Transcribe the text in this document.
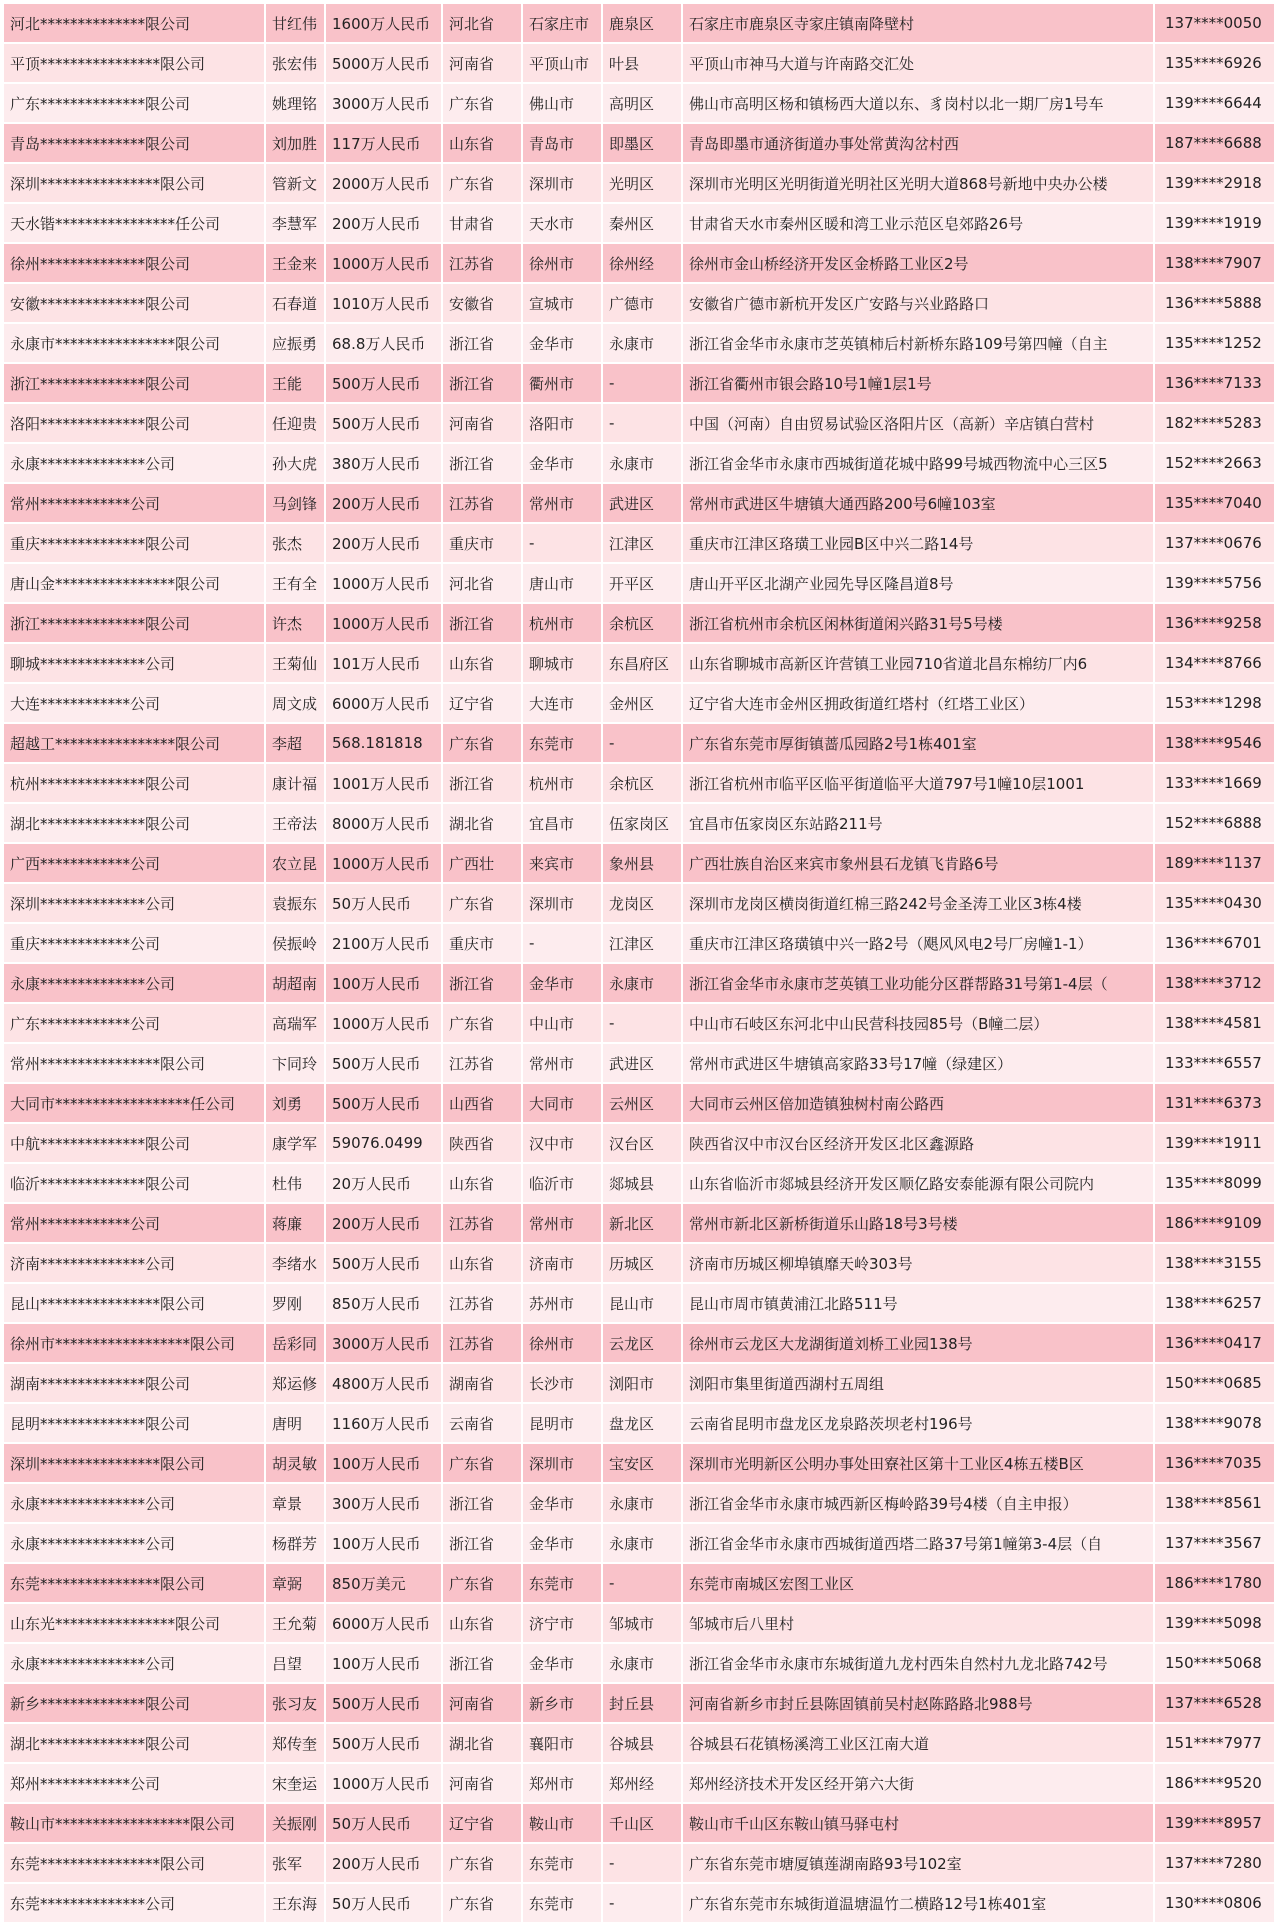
河北**************限公司	甘红伟	1600万人民币	河北省	石家庄市	鹿泉区	石家庄市鹿泉区寺家庄镇南降壁村	137****0050
平顶****************限公司	张宏伟	5000万人民币	河南省	平顶山市	叶县	平顶山市神马大道与许南路交汇处	135****6926
广东**************限公司	姚理铭	3000万人民币	广东省	佛山市	高明区	佛山市高明区杨和镇杨西大道以东、豸岗村以北一期厂房1号车	139****6644
青岛**************限公司	刘加胜	117万人民币	山东省	青岛市	即墨区	青岛即墨市通济街道办事处常黄沟岔村西	187****6688
深圳****************限公司	管新文	2000万人民币	广东省	深圳市	光明区	深圳市光明区光明街道光明社区光明大道868号新地中央办公楼	139****2918
天水锴****************任公司	李慧军	200万人民币	甘肃省	天水市	秦州区	甘肃省天水市秦州区暖和湾工业示范区皂郊路26号	139****1919
徐州**************限公司	王金来	1000万人民币	江苏省	徐州市	徐州经	徐州市金山桥经济开发区金桥路工业区2号	138****7907
安徽**************限公司	石春道	1010万人民币	安徽省	宣城市	广德市	安徽省广德市新杭开发区广安路与兴业路路口	136****5888
永康市****************限公司	应振勇	68.8万人民币	浙江省	金华市	永康市	浙江省金华市永康市芝英镇柿后村新桥东路109号第四幢（自主	135****1252
浙江**************限公司	王能	500万人民币	浙江省	衢州市	-	浙江省衢州市银会路10号1幢1层1号	136****7133
洛阳**************限公司	任迎贵	500万人民币	河南省	洛阳市	-	中国（河南）自由贸易试验区洛阳片区（高新）辛店镇白营村	182****5283
永康**************公司	孙大虎	380万人民币	浙江省	金华市	永康市	浙江省金华市永康市西城街道花城中路99号城西物流中心三区5	152****2663
常州************公司	马剑锋	200万人民币	江苏省	常州市	武进区	常州市武进区牛塘镇大通西路200号6幢103室	135****7040
重庆**************限公司	张杰	200万人民币	重庆市	-	江津区	重庆市江津区珞璜工业园B区中兴二路14号	137****0676
唐山金****************限公司	王有全	1000万人民币	河北省	唐山市	开平区	唐山开平区北湖产业园先导区隆昌道8号	139****5756
浙江**************限公司	许杰	1000万人民币	浙江省	杭州市	余杭区	浙江省杭州市余杭区闲林街道闲兴路31号5号楼	136****9258
聊城**************公司	王菊仙	101万人民币	山东省	聊城市	东昌府区	山东省聊城市高新区许营镇工业园710省道北昌东棉纺厂内6	134****8766
大连************公司	周文成	6000万人民币	辽宁省	大连市	金州区	辽宁省大连市金州区拥政街道红塔村（红塔工业区）	153****1298
超越工****************限公司	李超	568.181818	广东省	东莞市	-	广东省东莞市厚街镇蔷瓜园路2号1栋401室	138****9546
杭州**************限公司	康计福	1001万人民币	浙江省	杭州市	余杭区	浙江省杭州市临平区临平街道临平大道797号1幢10层1001	133****1669
湖北**************限公司	王帝法	8000万人民币	湖北省	宜昌市	伍家岗区	宜昌市伍家岗区东站路211号	152****6888
广西************公司	农立昆	1000万人民币	广西壮	来宾市	象州县	广西壮族自治区来宾市象州县石龙镇飞肯路6号	189****1137
深圳**************公司	袁振东	50万人民币	广东省	深圳市	龙岗区	深圳市龙岗区横岗街道红棉三路242号金圣涛工业区3栋4楼	135****0430
重庆************公司	侯振岭	2100万人民币	重庆市	-	江津区	重庆市江津区珞璜镇中兴一路2号（飓风风电2号厂房幢1-1）	136****6701
永康**************公司	胡超南	100万人民币	浙江省	金华市	永康市	浙江省金华市永康市芝英镇工业功能分区群帮路31号第1-4层（	138****3712
广东************公司	高瑞军	1000万人民币	广东省	中山市	-	中山市石岐区东河北中山民营科技园85号（B幢二层）	138****4581
常州****************限公司	卞同玲	500万人民币	江苏省	常州市	武进区	常州市武进区牛塘镇高家路33号17幢（绿建区）	133****6557
大同市******************任公司	刘勇	500万人民币	山西省	大同市	云州区	大同市云州区倍加造镇独树村南公路西	131****6373
中航**************限公司	康学军	59076.0499	陕西省	汉中市	汉台区	陕西省汉中市汉台区经济开发区北区鑫源路	139****1911
临沂**************限公司	杜伟	20万人民币	山东省	临沂市	郯城县	山东省临沂市郯城县经济开发区顺亿路安泰能源有限公司院内	135****8099
常州************公司	蒋廉	200万人民币	江苏省	常州市	新北区	常州市新北区新桥街道乐山路18号3号楼	186****9109
济南**************公司	李绪水	500万人民币	山东省	济南市	历城区	济南市历城区柳埠镇靡天岭303号	138****3155
昆山****************限公司	罗刚	850万人民币	江苏省	苏州市	昆山市	昆山市周市镇黄浦江北路511号	138****6257
徐州市******************限公司	岳彩同	3000万人民币	江苏省	徐州市	云龙区	徐州市云龙区大龙湖街道刘桥工业园138号	136****0417
湖南**************限公司	郑运修	4800万人民币	湖南省	长沙市	浏阳市	浏阳市集里街道西湖村五周组	150****0685
昆明**************限公司	唐明	1160万人民币	云南省	昆明市	盘龙区	云南省昆明市盘龙区龙泉路茨坝老村196号	138****9078
深圳****************限公司	胡灵敏	100万人民币	广东省	深圳市	宝安区	深圳市光明新区公明办事处田寮社区第十工业区4栋五楼B区	136****7035
永康**************公司	章景	300万人民币	浙江省	金华市	永康市	浙江省金华市永康市城西新区梅岭路39号4楼（自主申报）	138****8561
永康**************公司	杨群芳	100万人民币	浙江省	金华市	永康市	浙江省金华市永康市西城街道西塔二路37号第1幢第3-4层（自	137****3567
东莞****************限公司	章弼	850万美元	广东省	东莞市	-	东莞市南城区宏图工业区	186****1780
山东光****************限公司	王允菊	6000万人民币	山东省	济宁市	邹城市	邹城市后八里村	139****5098
永康**************公司	吕望	100万人民币	浙江省	金华市	永康市	浙江省金华市永康市东城街道九龙村西朱自然村九龙北路742号	150****5068
新乡**************限公司	张习友	500万人民币	河南省	新乡市	封丘县	河南省新乡市封丘县陈固镇前吴村赵陈路路北988号	137****6528
湖北**************限公司	郑传奎	500万人民币	湖北省	襄阳市	谷城县	谷城县石花镇杨溪湾工业区江南大道	151****7977
郑州************公司	宋奎运	1000万人民币	河南省	郑州市	郑州经	郑州经济技术开发区经开第六大街	186****9520
鞍山市******************限公司	关振刚	50万人民币	辽宁省	鞍山市	千山区	鞍山市千山区东鞍山镇马驿屯村	139****8957
东莞****************限公司	张军	200万人民币	广东省	东莞市	-	广东省东莞市塘厦镇莲湖南路93号102室	137****7280
东莞**************公司	王东海	50万人民币	广东省	东莞市	-	广东省东莞市东城街道温塘温竹二横路12号1栋401室	130****0806
